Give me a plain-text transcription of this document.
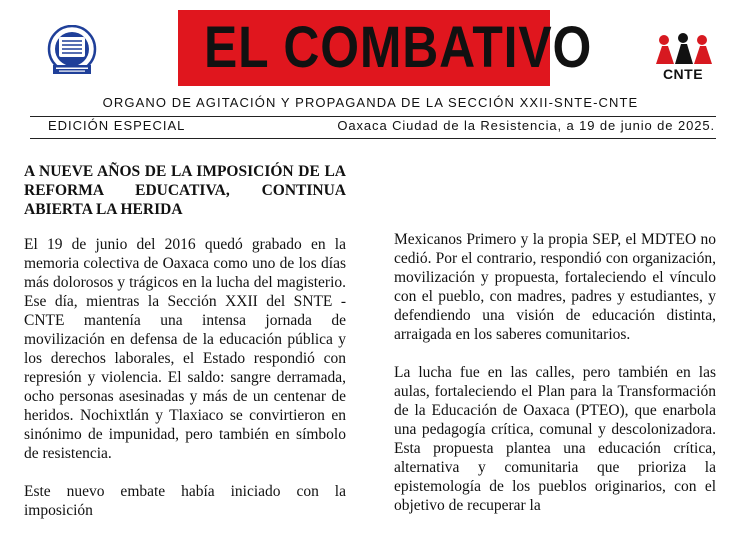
EL COMBATIVO	CNTE
ORGANO DE AGITACIÓN Y PROPAGANDA DE LA SECCIÓN XXII-SNTE-CNTE
EDICIÓN ESPECIAL	Oaxaca Ciudad de la Resistencia, a 19 de junio de 2025.
A NUEVE AÑOS DE LA IMPOSICIÓN DE LA REFORMA EDUCATIVA, CONTINUA ABIERTA LA HERIDA

El 19 de junio del 2016 quedó grabado en la memoria colectiva de Oaxaca como uno de los días más dolorosos y trágicos en la lucha del magisterio. Ese día, mientras la Sección XXII del SNTE - CNTE mantenía una intensa jornada de movilización en defensa de la educación pública y los derechos laborales, el Estado respondió con represión y violencia. El saldo: sangre derramada, ocho personas asesinadas y más de un centenar de heridos. Nochixtlán y Tlaxiaco se convirtieron en sinónimo de impunidad, pero también en símbolo de resistencia.

Este nuevo embate había iniciado con la imposición

Mexicanos Primero y la propia SEP, el MDTEO no cedió. Por el contrario, respondió con organización, movilización y propuesta, fortaleciendo el vínculo con el pueblo, con madres, padres y estudiantes, y defendiendo una visión de educación distinta, arraigada en los saberes comunitarios.

La lucha fue en las calles, pero también en las aulas, fortaleciendo el Plan para la Transformación de la Educación de Oaxaca (PTEO), que enarbola una pedagogía crítica, comunal y descolonizadora. Esta propuesta plantea una educación crítica, alternativa y comunitaria que prioriza la epistemología de los pueblos originarios, con el objetivo de recuperar la
